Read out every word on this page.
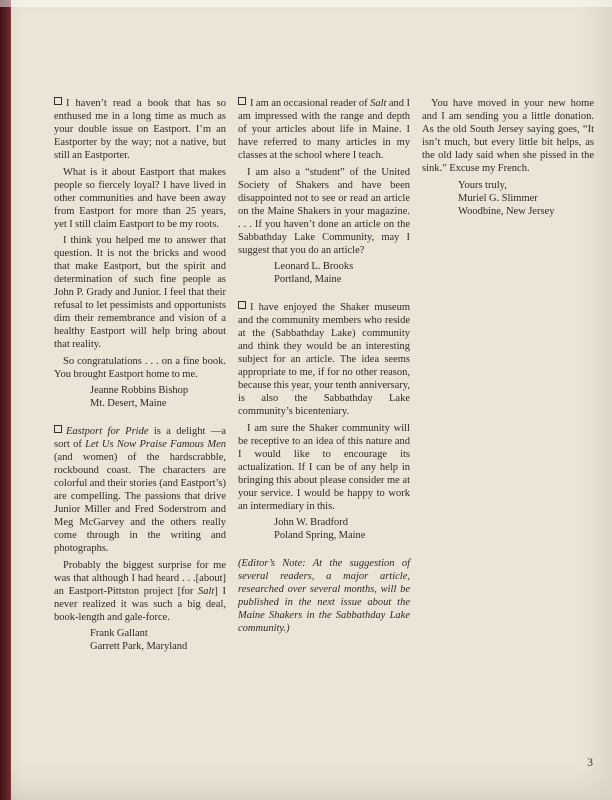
I haven’t read a book that has so enthused me in a long time as much as your double issue on Eastport. I’m an Eastporter by the way; not a native, but still an Eastporter.

What is it about Eastport that makes people so fiercely loyal? I have lived in other communities and have been away from Eastport for more than 25 years, yet I still claim Eastport to be my roots.

I think you helped me to answer that question. It is not the bricks and wood that make Eastport, but the spirit and determination of such fine people as John P. Grady and Junior. I feel that their refusal to let pessimists and opportunists dim their remembrance and vision of a healthy Eastport will help bring about that reality.

So congratulations . . . on a fine book. You brought Eastport home to me.

Jeanne Robbins Bishop
Mt. Desert, Maine

Eastport for Pride is a delight —a sort of Let Us Now Praise Famous Men (and women) of the hardscrabble, rockbound coast. The characters are colorful and their stories (and Eastport’s) are compelling. The passions that drive Junior Miller and Fred Soderstrom and Meg McGarvey and the others really come through in the writing and photographs.

Probably the biggest surprise for me was that although I had heard . . .[about] an Eastport-Pittston project [for Salt] I never realized it was such a big deal, book-length and gale-force.

Frank Gallant
Garrett Park, Maryland

I am an occasional reader of Salt and I am impressed with the range and depth of your articles about life in Maine. I have referred to many articles in my classes at the school where I teach.

I am also a “student” of the United Society of Shakers and have been disappointed not to see or read an article on the Maine Shakers in your magazine. . . . If you haven’t done an article on the Sabbathday Lake Community, may I suggest that you do an article?

Leonard L. Brooks
Portland, Maine

I have enjoyed the Shaker museum and the community members who reside at the (Sabbathday Lake) community and think they would be an interesting subject for an article. The idea seems appropriate to me, if for no other reason, because this year, your tenth anniversary, is also the Sabbathday Lake community’s bicenteniary.

I am sure the Shaker community will be receptive to an idea of this nature and I would like to encourage its actualization. If I can be of any help in bringing this about please consider me at your service. I would be happy to work an intermediary in this.

John W. Bradford
Poland Spring, Maine

(Editor’s Note: At the suggestion of several readers, a major article, researched over several months, will be published in the next issue about the Maine Shakers in the Sabbathday Lake community.)

You have moved in your new home and I am sending you a little donation. As the old South Jersey saying goes, “It isn’t much, but every little bit helps, as the old lady said when she pissed in the sink.” Excuse my French.

Yours truly,
Muriel G. Slimmer
Woodbine, New Jersey
3
